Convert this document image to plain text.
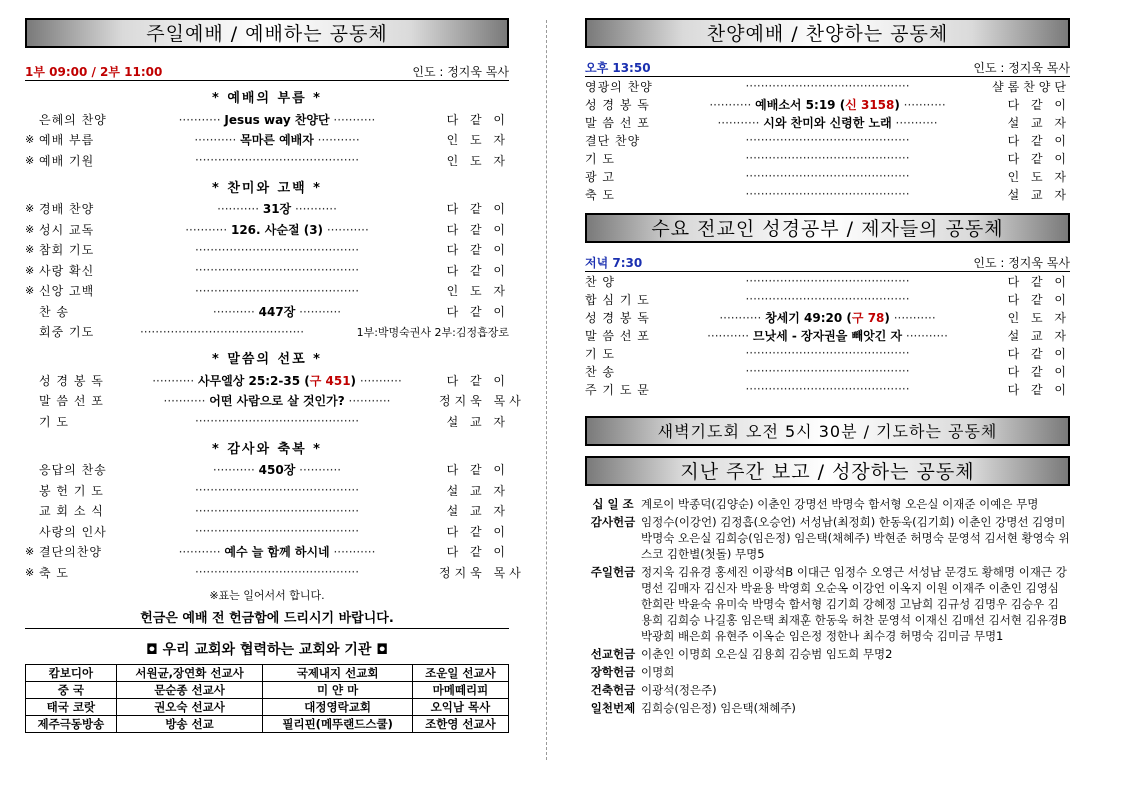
주일예배 / 예배하는 공동체
1부 09:00 / 2부 11:00	인도 : 정지욱 목사
* 예배의 부름 *
은혜의 찬양	··········· Jesus way 찬양단 ···········	다 같 이
※ 예배 부름	··········· 목마른 예배자 ···········	인 도 자
※ 예배 기원	···········································	인 도 자
* 찬미와 고백 *
※ 경배 찬양	··········· 31장 ···········	다 같 이
※ 성시 교독	··········· 126. 사순절 (3) ···········	다 같 이
※ 참회 기도	···········································	다 같 이
※ 사랑 확신	···········································	다 같 이
※ 신앙 고백	···········································	인 도 자
찬 송	··········· 447장 ···········	다 같 이
회중 기도	···········································	1부:박명숙권사 2부:김정흡장로
* 말씀의 선포 *
성 경 봉 독	··········· 사무엘상 25:2-35 (구 451) ···········	다 같 이
말 씀 선 포	··········· 어떤 사람으로 살 것인가? ···········	정지욱 목사
기 도	···········································	설 교 자
* 감사와 축복 *
응답의 찬송	··········· 450장 ···········	다 같 이
봉 헌 기 도	···········································	설 교 자
교 회 소 식	···········································	설 교 자
사랑의 인사	···········································	다 같 이
※ 결단의찬양	··········· 예수 늘 함께 하시네 ···········	다 같 이
※ 축 도	···········································	정지욱 목사
※표는 일어서서 합니다.
헌금은 예배 전 헌금함에 드리시기 바랍니다.
◘ 우리 교회와 협력하는 교회와 기관 ◘
캄보디아	서원균,장연화 선교사	국제내지 선교회	조운일 선교사
중 국	문순종 선교사	미 얀 마	마메떼리피
태국 코랏	권오숙 선교사	대정영락교회	오익남 목사
제주극동방송	방송 선교	필리핀(메뚜랜드스쿨)	조한영 선교사
찬양예배 / 찬양하는 공동체
오후 13:50	인도 : 정지욱 목사
영광의 찬양	···········································	샬롬찬양단
성 경 봉 독	··········· 예배소서 5:19 (신 3158) ···········	다 같 이
말 씀 선 포	··········· 시와 찬미와 신령한 노래 ···········	설 교 자
결단 찬양	···········································	다 같 이
기 도	···········································	다 같 이
광 고	···········································	인 도 자
축 도	···········································	설 교 자
수요 전교인 성경공부 / 제자들의 공동체
저녁 7:30	인도 : 정지욱 목사
찬 양	···········································	다 같 이
합 심 기 도	···········································	다 같 이
성 경 봉 독	··········· 창세기 49:20 (구 78) ···········	인 도 자
말 씀 선 포	··········· 므낫세 - 장자권을 빼앗긴 자 ···········	설 교 자
기 도	···········································	다 같 이
찬 송	···········································	다 같 이
주 기 도 문	···········································	다 같 이
새벽기도회 오전 5시 30분 / 기도하는 공동체
지난 주간 보고 / 성장하는 공동체
십 일 조 계로이 박종덕(김양순) 이춘인 강명선 박명숙 함서형 오은실 이재준 이예은 무명
감사헌금 임정수(이강언) 김정흡(오승언) 서성남(최정희) 한동욱(김기희) 이춘인 강명선 김영미 박명숙 오은실 김희승(임은정) 임은택(채혜주) 박현준 허명숙 문영석 김서현 황영숙 위스코 김한별(첫돌) 무명5
주일헌금 정지욱 김유경 홍세진 이광석B 이대근 임정수 오영근 서성남 문경도 황해명 이재근 강명선 김매자 김신자 박윤용 박영희 오순옥 이강언 이옥지 이원 이재주 이춘인 김영심 한희란 박윤숙 유미숙 박명숙 함서형 김기희 강혜정 고남희 김규성 김명우 김승우 김용희 김희승 나길홍 임은택 최재훈 한동욱 허찬 문영석 이재신 김매선 김서현 김유경B 박광희 배은희 유현주 이옥순 임은정 정한나 최수경 허명숙 김미금 무명1
선교헌금 이춘인 이명희 오은실 김용희 김승범 임도희 무명2
장학헌금 이명희
건축헌금 이광석(정은주)
일천번제 김희승(임은정) 임은택(채혜주)
